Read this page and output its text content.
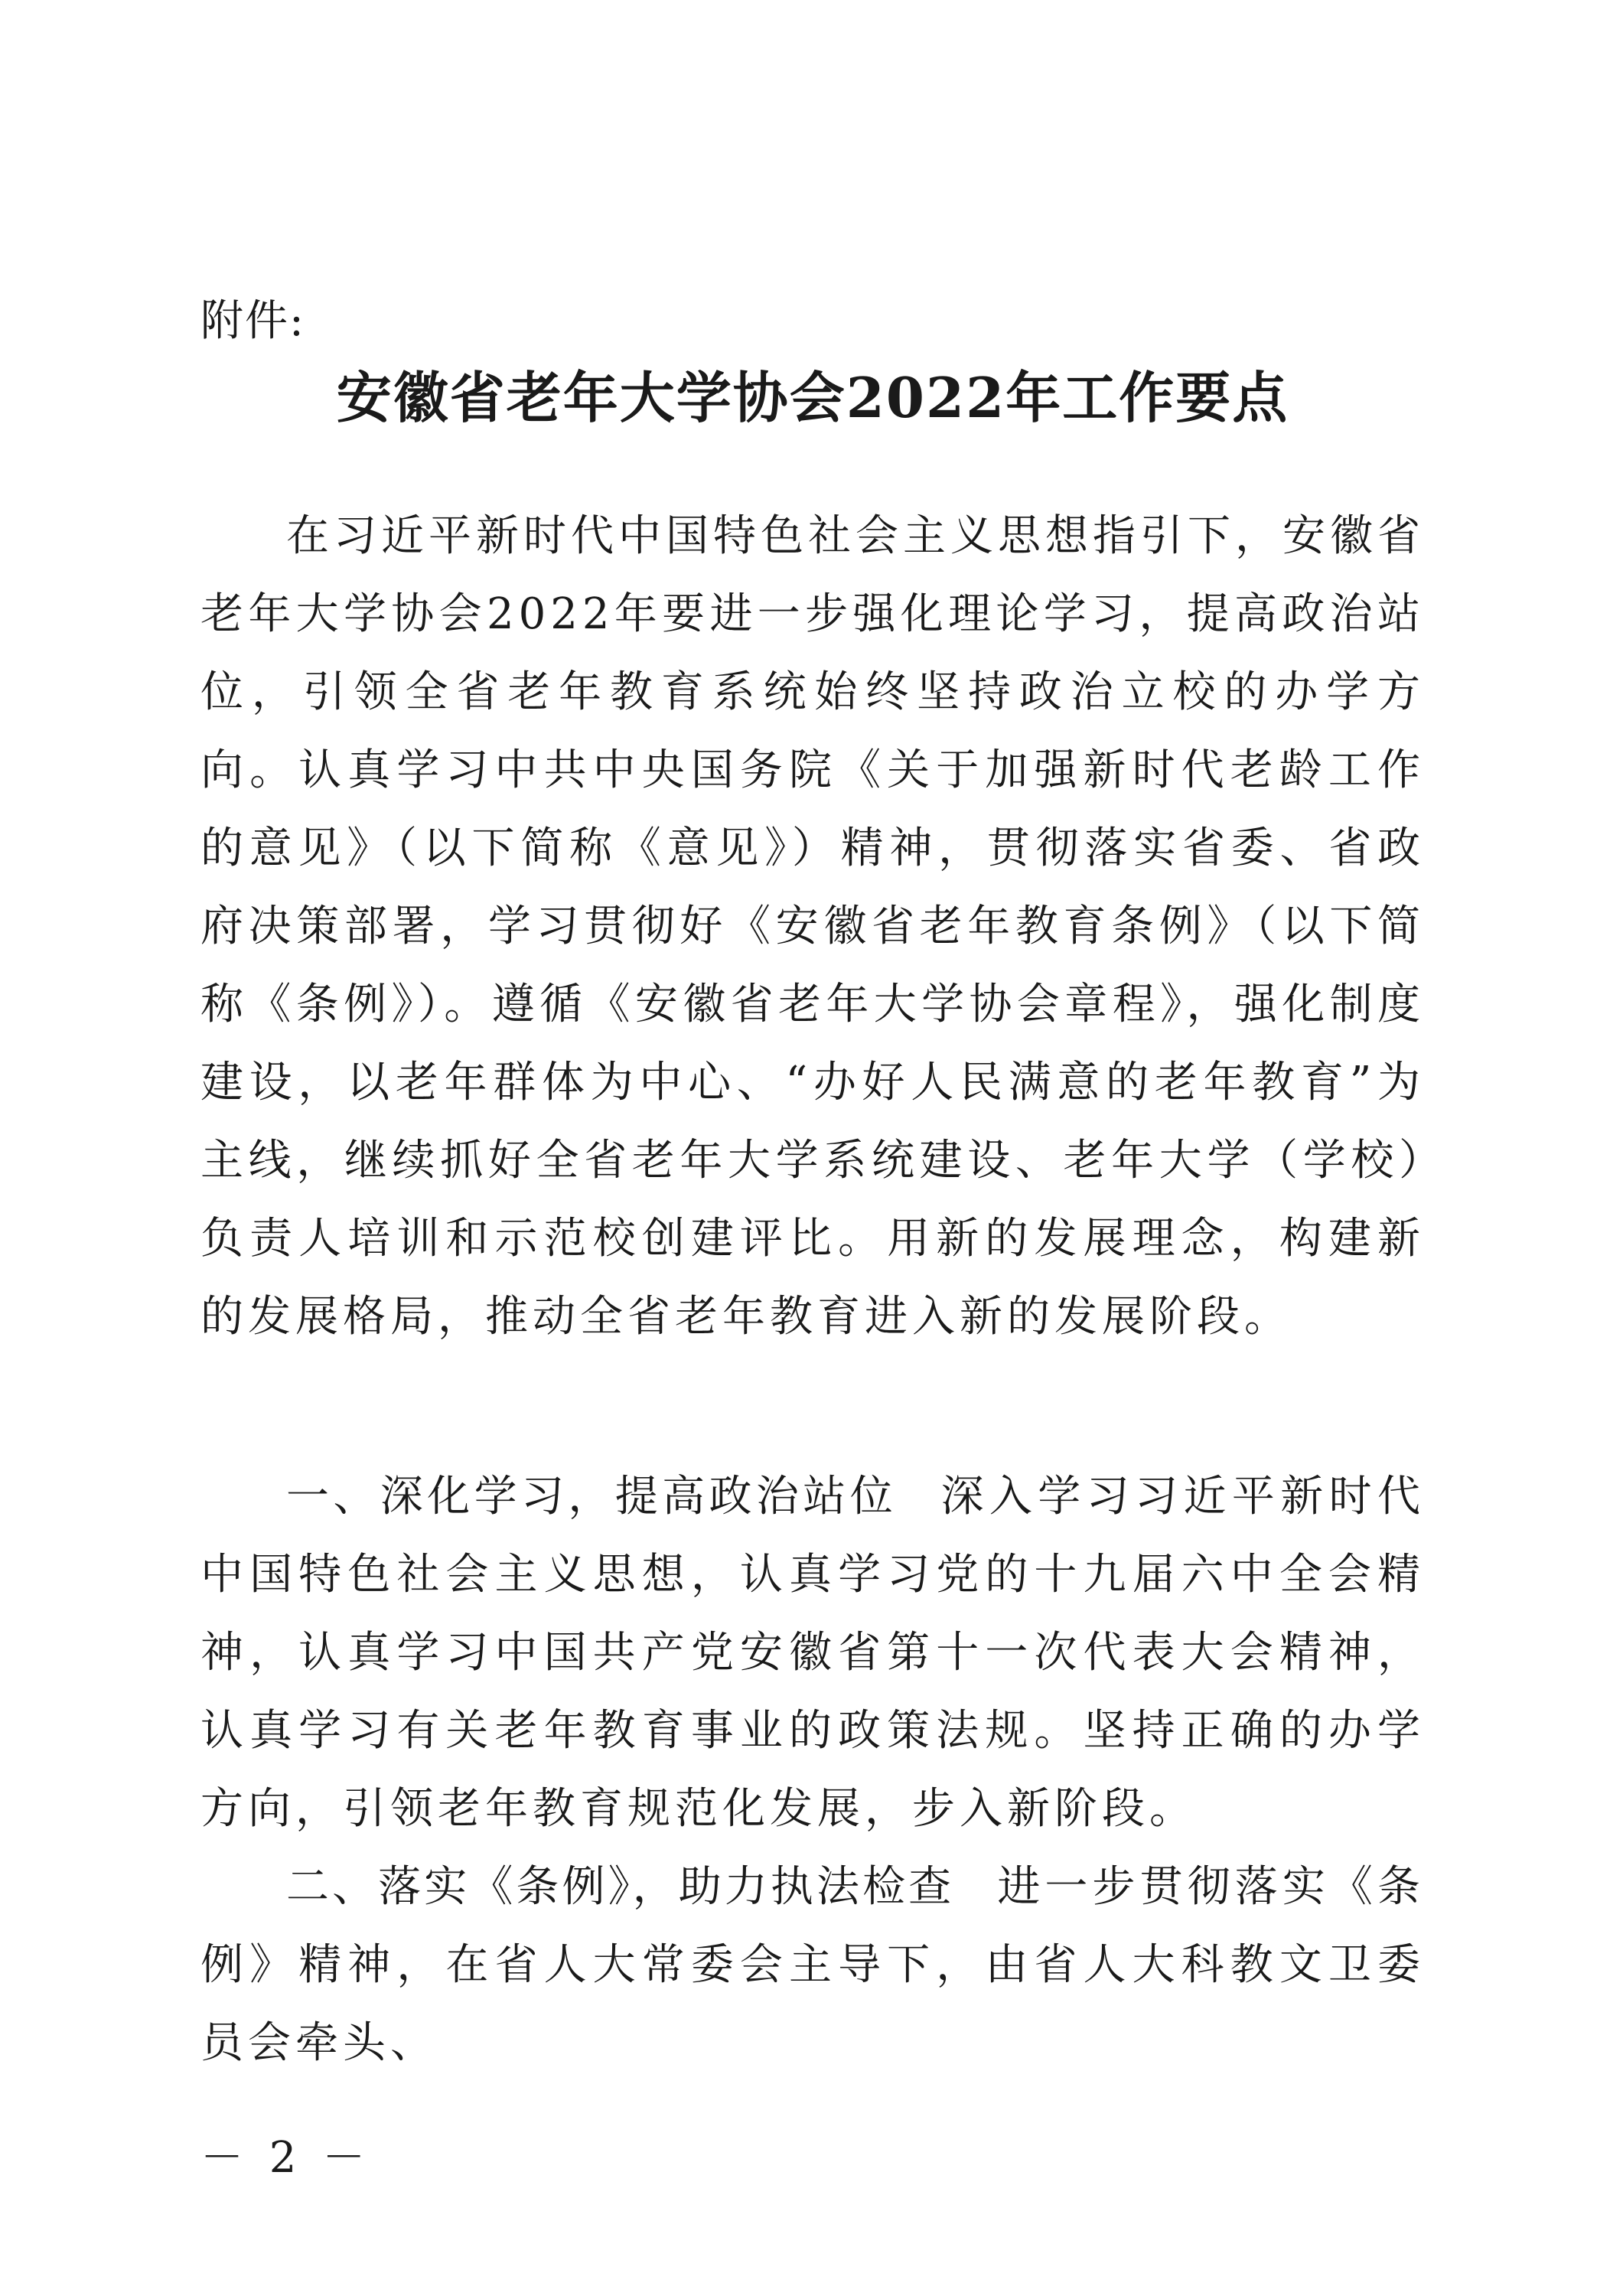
附件:
安徽省老年大学协会2022年工作要点

在习近平新时代中国特色社会主义思想指引下，安徽省老年大学协会2022年要进一步强化理论学习，提高政治站位，引领全省老年教育系统始终坚持政治立校的办学方向。认真学习中共中央国务院《关于加强新时代老龄工作的意见》（以下简称《意见》）精神，贯彻落实省委、省政府决策部署，学习贯彻好《安徽省老年教育条例》（以下简称《条例》）。遵循《安徽省老年大学协会章程》，强化制度建设，以老年群体为中心、“办好人民满意的老年教育”为主线，继续抓好全省老年大学系统建设、老年大学（学校）负责人培训和示范校创建评比。用新的发展理念，构建新的发展格局，推动全省老年教育进入新的发展阶段。

一、深化学习，提高政治站位 深入学习习近平新时代中国特色社会主义思想，认真学习党的十九届六中全会精神，认真学习中国共产党安徽省第十一次代表大会精神，认真学习有关老年教育事业的政策法规。坚持正确的办学方向，引领老年教育规范化发展，步入新阶段。

二、落实《条例》，助力执法检查 进一步贯彻落实《条例》精神，在省人大常委会主导下，由省人大科教文卫委员会牵头、

－ 2 －
